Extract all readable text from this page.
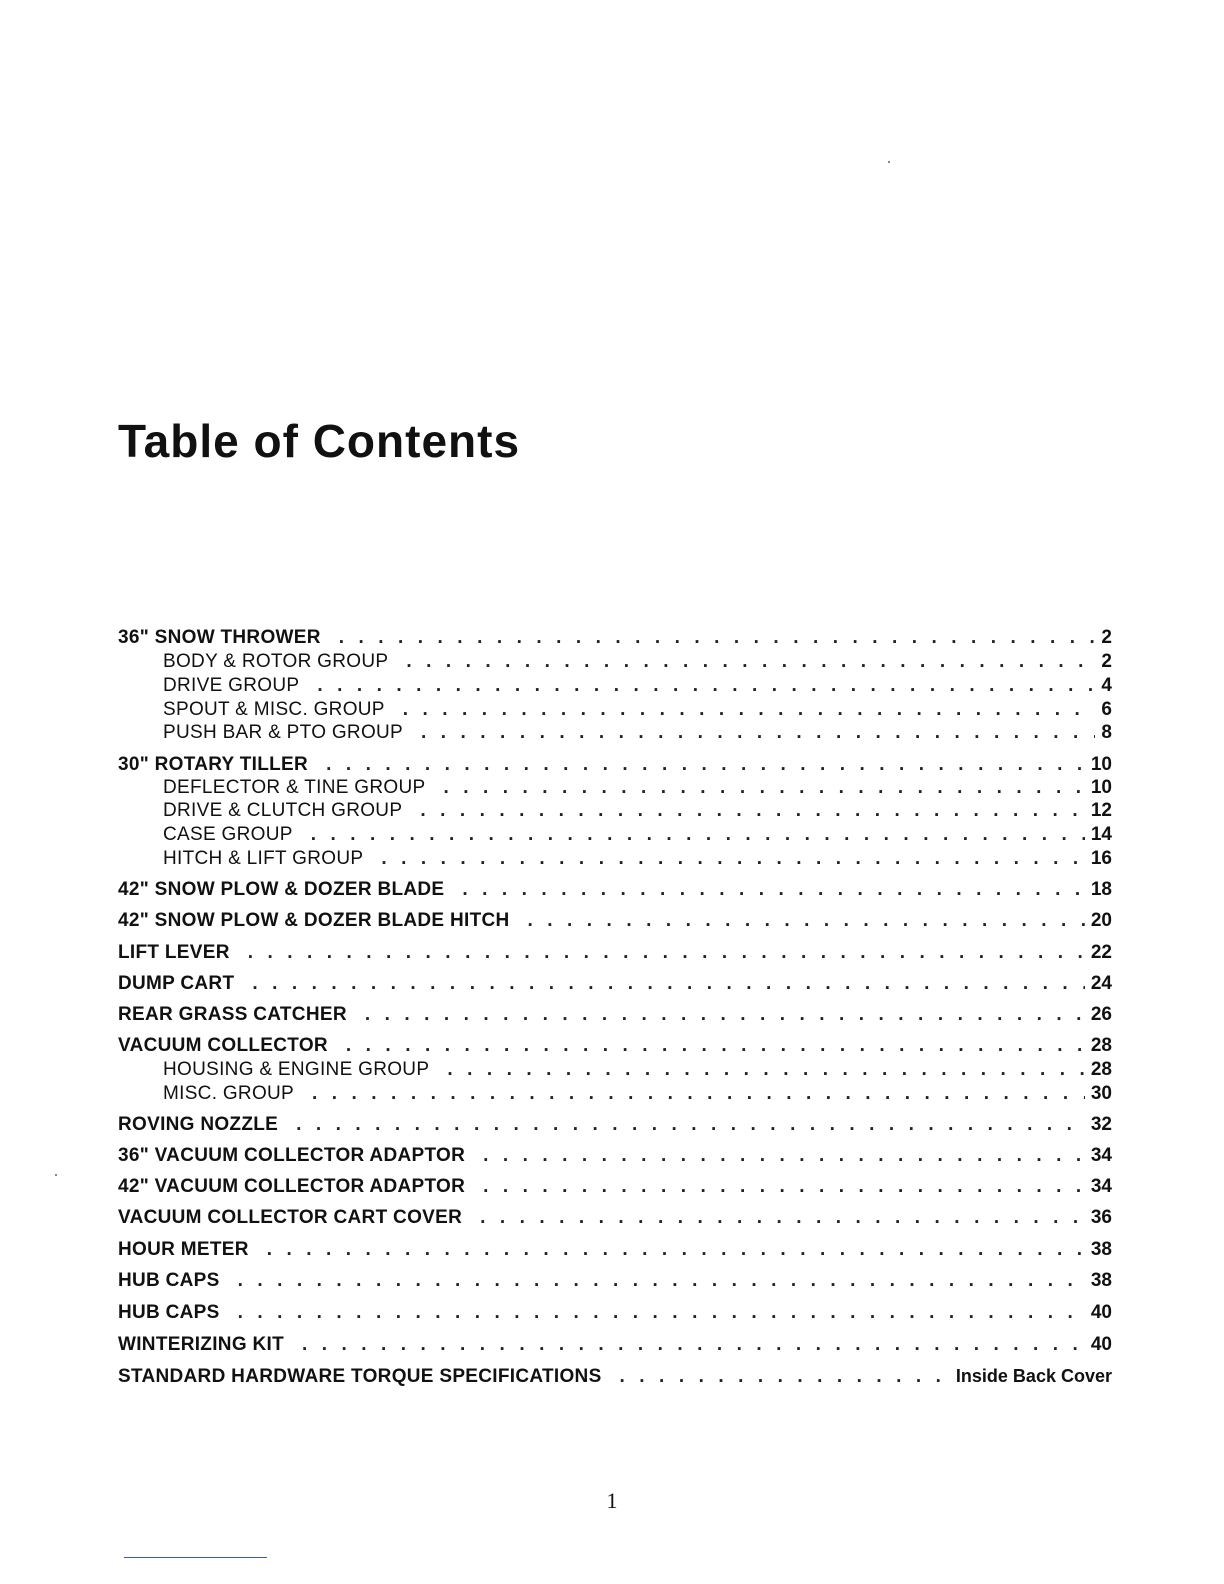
Table of Contents
36" SNOW THROWER . . .	2
BODY & ROTOR GROUP . . .	2
DRIVE GROUP . . .	4
SPOUT & MISC. GROUP . . .	6
PUSH BAR & PTO GROUP . . .	8
30" ROTARY TILLER . . .	10
DEFLECTOR & TINE GROUP . . .	10
DRIVE & CLUTCH GROUP . . .	12
CASE GROUP . . .	14
HITCH & LIFT GROUP . . .	16
42" SNOW PLOW & DOZER BLADE . . .	18
42" SNOW PLOW & DOZER BLADE HITCH . . .	20
LIFT LEVER . . .	22
DUMP CART . . .	24
REAR GRASS CATCHER . . .	26
VACUUM COLLECTOR . . .	28
HOUSING & ENGINE GROUP . . .	28
MISC. GROUP . . .	30
ROVING NOZZLE . . .	32
36" VACUUM COLLECTOR ADAPTOR . . .	34
42" VACUUM COLLECTOR ADAPTOR . . .	34
VACUUM COLLECTOR CART COVER . . .	36
HOUR METER . . .	38
HUB CAPS . . .	38
HUB CAPS . . .	40
WINTERIZING KIT . . .	40
STANDARD HARDWARE TORQUE SPECIFICATIONS . . .	Inside Back Cover
1
